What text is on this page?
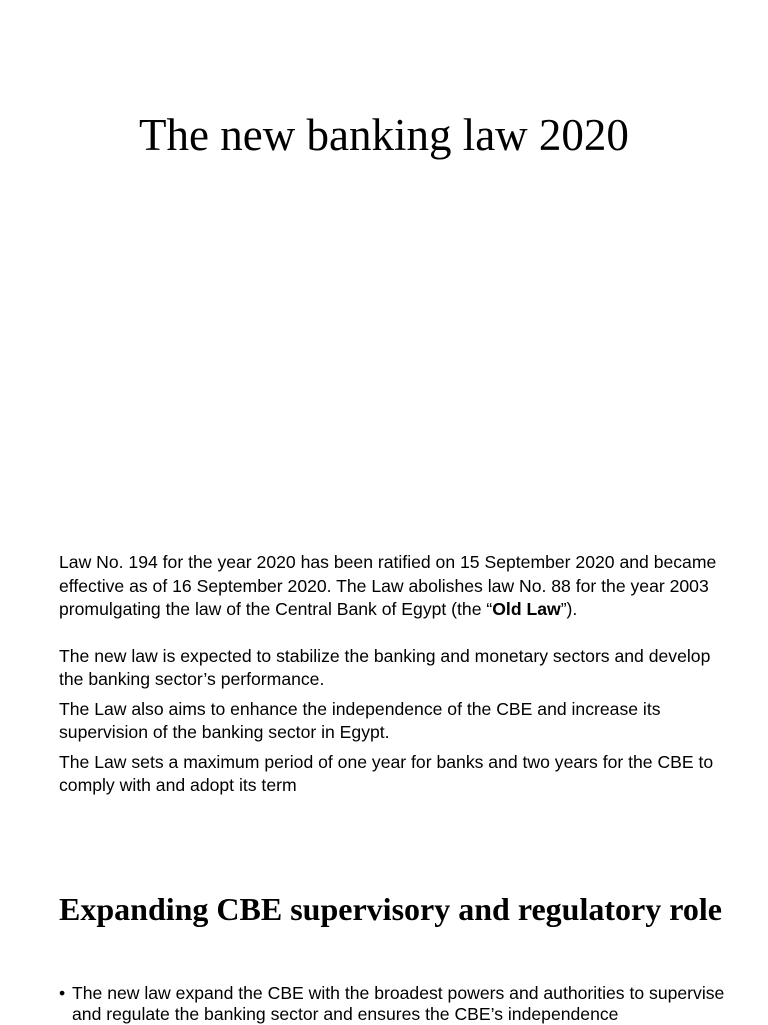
The new banking law 2020

Law No. 194 for the year 2020 has been ratified on 15 September 2020 and became effective as of 16 September 2020. The Law abolishes law No. 88 for the year 2003 promulgating the law of the Central Bank of Egypt (the “Old Law”).

The new law is expected to stabilize the banking and monetary sectors and develop the banking sector’s performance.

The Law also aims to enhance the independence of the CBE and increase its supervision of the banking sector in Egypt.

The Law sets a maximum period of one year for banks and two years for the CBE to comply with and adopt its term

Expanding CBE supervisory and regulatory role
• The new law expand the CBE with the broadest powers and authorities to supervise and regulate the banking sector and ensures the CBE’s independence
